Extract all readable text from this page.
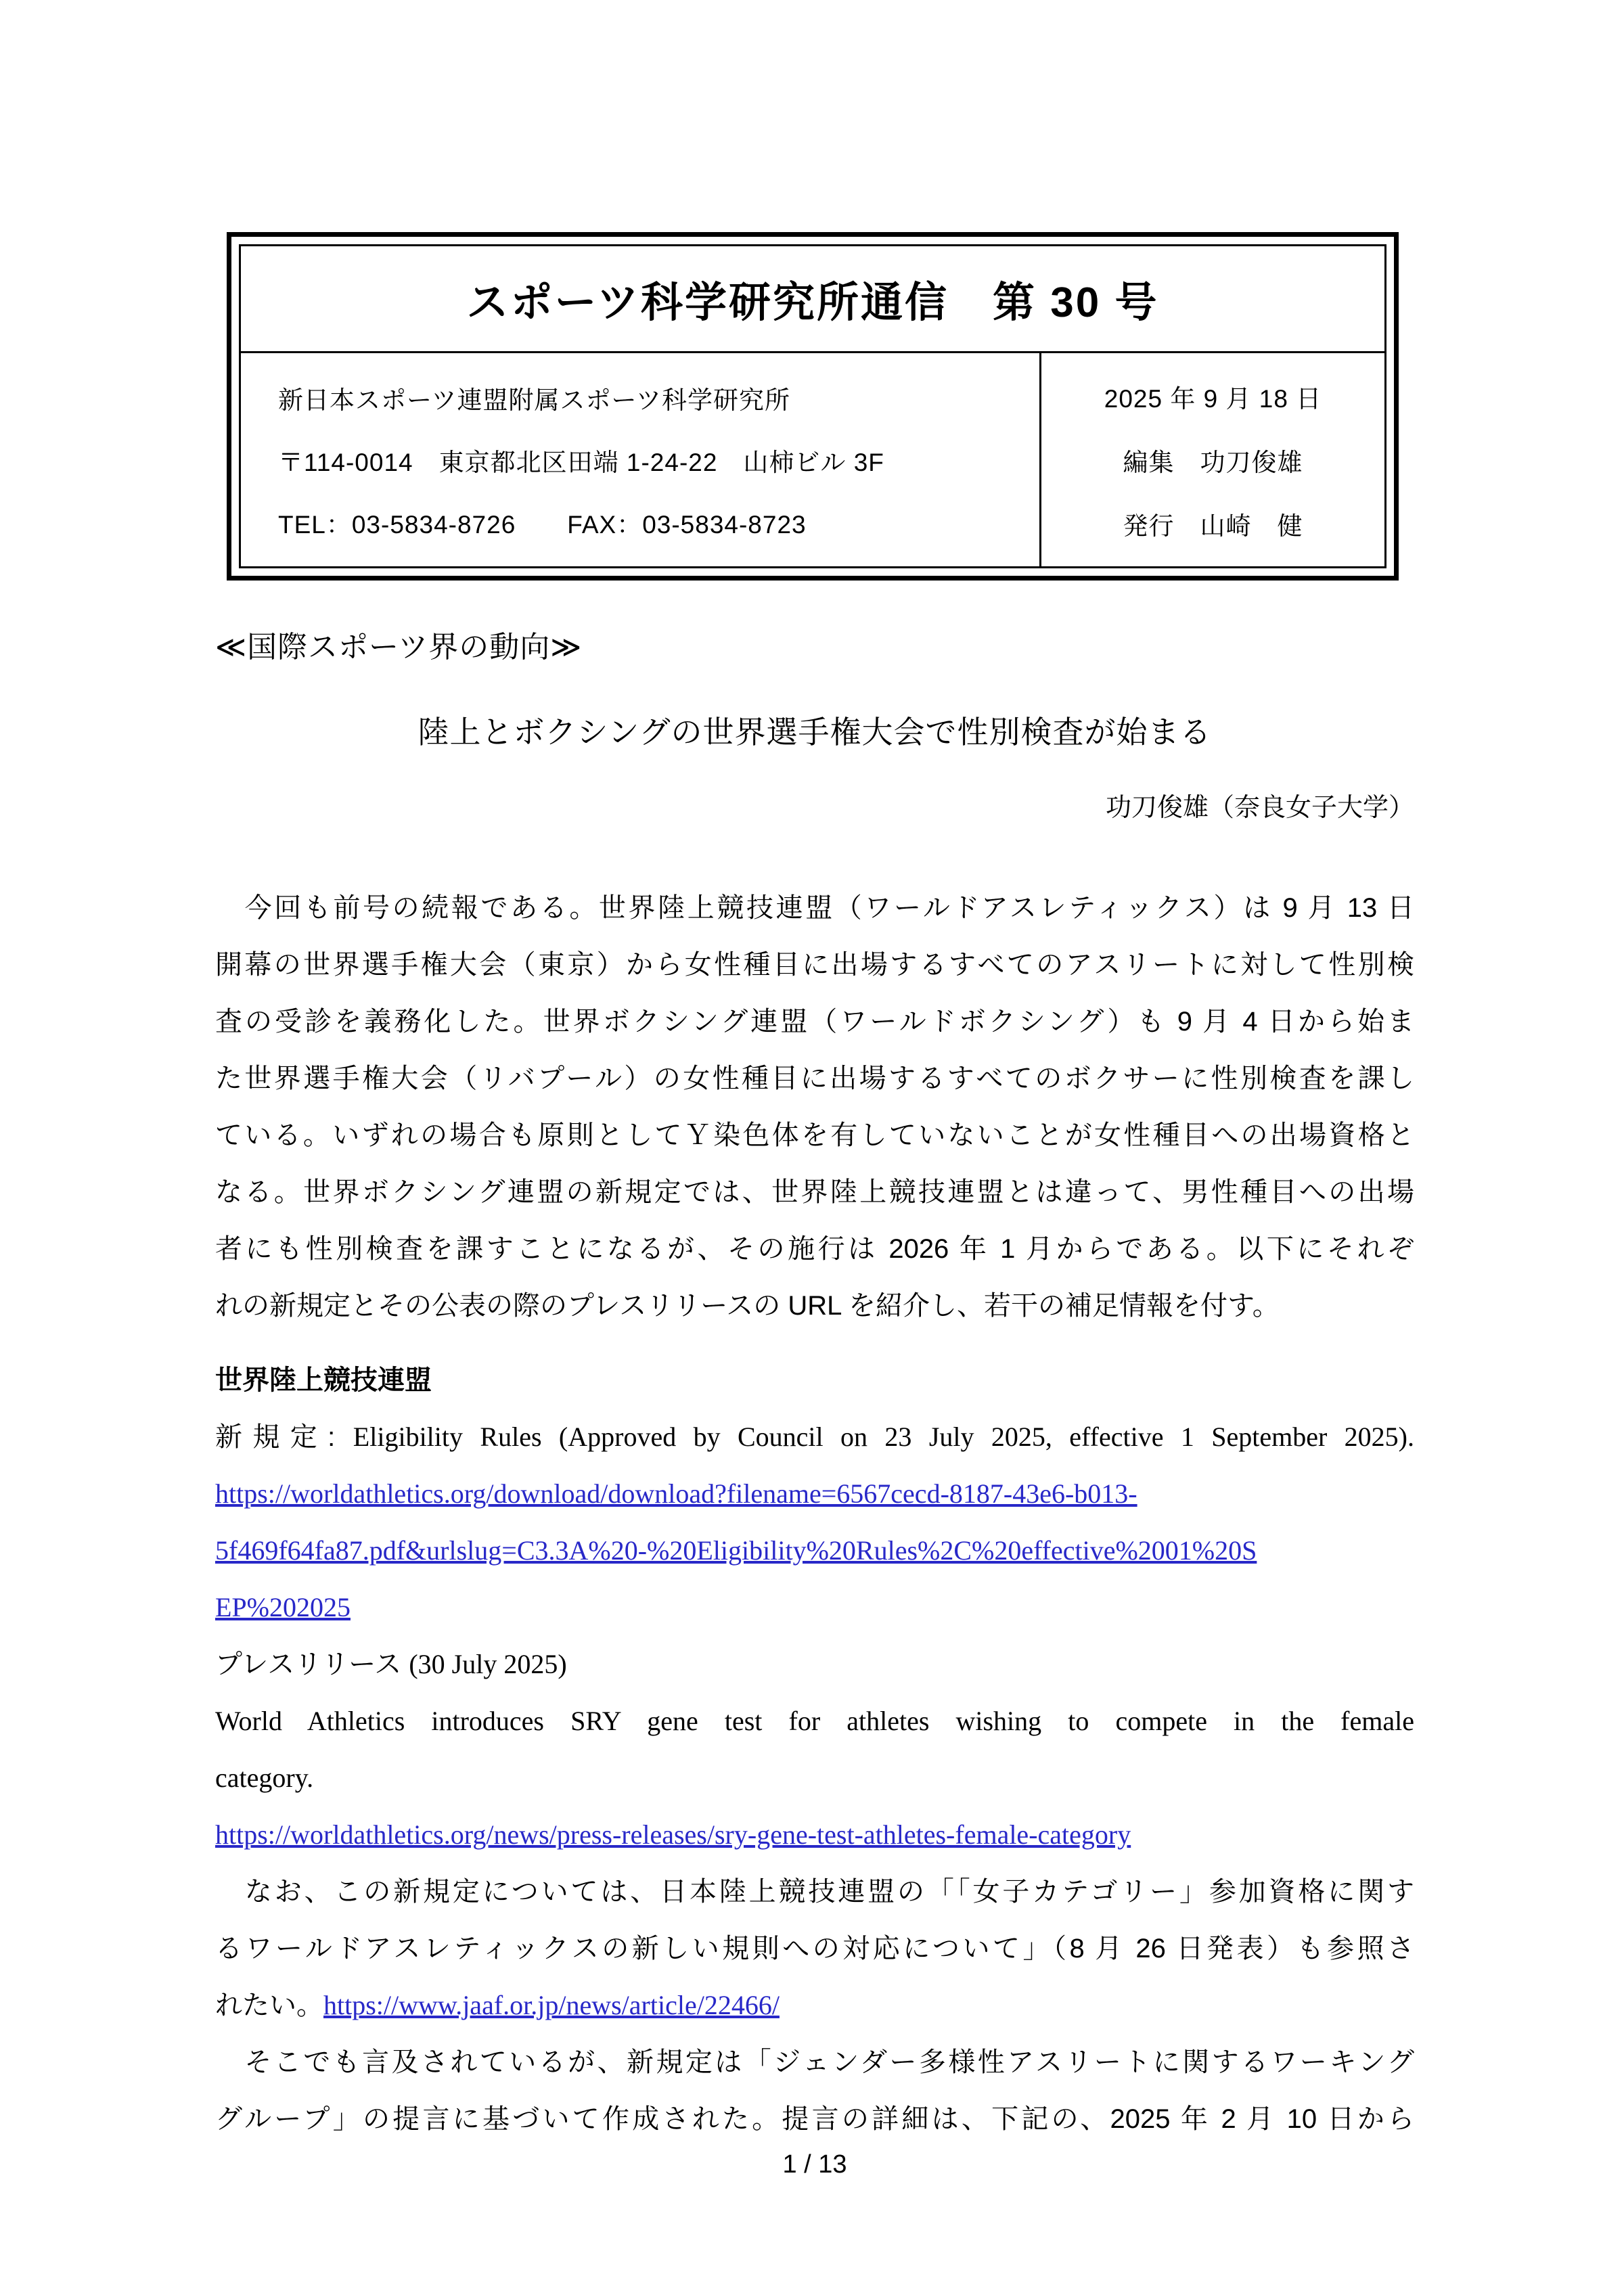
スポーツ科学研究所通信　第 30 号
新日本スポーツ連盟附属スポーツ科学研究所
〒114-0014　東京都北区田端 1-24-22　山柿ビル 3F
TEL：03-5834-8726　　FAX：03-5834-8723
2025 年 9 月 18 日
編集　功刀俊雄
発行　山崎　健
≪国際スポーツ界の動向≫
陸上とボクシングの世界選手権大会で性別検査が始まる
功刀俊雄（奈良女子大学）
　今回も前号の続報である。世界陸上競技連盟（ワールドアスレティックス）は 9 月 13 日
開幕の世界選手権大会（東京）から女性種目に出場するすべてのアスリートに対して性別検
査の受診を義務化した。世界ボクシング連盟（ワールドボクシング）も 9 月 4 日から始ま
た世界選手権大会（リバプール）の女性種目に出場するすべてのボクサーに性別検査を課し
ている。いずれの場合も原則としてＹ染色体を有していないことが女性種目への出場資格と
なる。世界ボクシング連盟の新規定では、世界陸上競技連盟とは違って、男性種目への出場
者にも性別検査を課すことになるが、その施行は 2026 年 1 月からである。以下にそれぞ
れの新規定とその公表の際のプレスリリースの URL を紹介し、若干の補足情報を付す。
世界陸上競技連盟
新規定: Eligibility Rules (Approved by Council on 23 July 2025, effective 1 September 2025).
https://worldathletics.org/download/download?filename=6567cecd-8187-43e6-b013-
5f469f64fa87.pdf&urlslug=C3.3A%20-%20Eligibility%20Rules%2C%20effective%2001%20S
EP%202025
プレスリリース (30 July 2025)
World Athletics introduces SRY gene test for athletes wishing to compete in the female
category.
https://worldathletics.org/news/press-releases/sry-gene-test-athletes-female-category
　なお、この新規定については、日本陸上競技連盟の「「女子カテゴリー」参加資格に関す
るワールドアスレティックスの新しい規則への対応について」（8 月 26 日発表）も参照さ
れたい。https://www.jaaf.or.jp/news/article/22466/
　そこでも言及されているが、新規定は「ジェンダー多様性アスリートに関するワーキング
グループ」の提言に基づいて作成された。提言の詳細は、下記の、2025 年 2 月 10 日から
1 / 13
